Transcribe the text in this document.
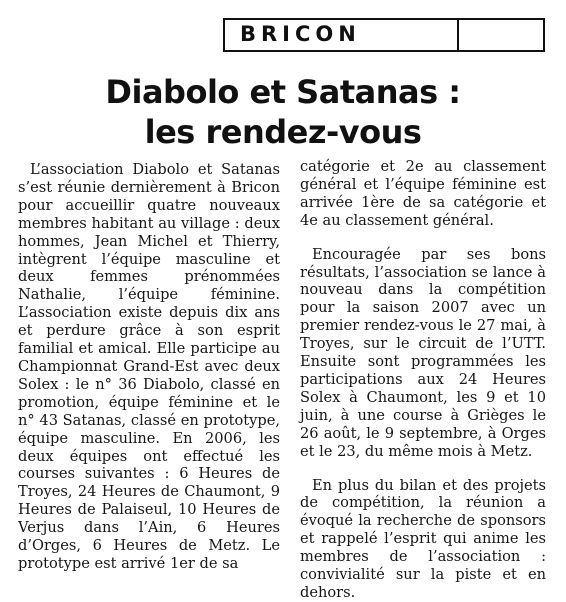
BRICON
Diabolo et Satanas :
les rendez-vous

L’association Diabolo et Satanas s’est réunie dernièrement à Bricon pour accueillir quatre nouveaux membres habitant au village : deux hommes, Jean Michel et Thierry, intègrent l’équipe masculine et deux femmes prénommées Nathalie, l’équipe féminine. L’association existe depuis dix ans et perdure grâce à son esprit familial et amical. Elle participe au Championnat Grand-Est avec deux Solex : le n° 36 Diabolo, classé en promotion, équipe féminine et le n° 43 Satanas, classé en prototype, équipe masculine. En 2006, les deux équipes ont effectué les courses suivantes : 6 Heures de Troyes, 24 Heures de Chaumont, 9 Heures de Palaiseul, 10 Heures de Verjus dans l’Ain, 6 Heures d’Orges, 6 Heures de Metz. Le prototype est arrivé 1er de sa

catégorie et 2e au classement général et l’équipe féminine est arrivée 1ère de sa catégorie et 4e au classement général.

Encouragée par ses bons résultats, l’association se lance à nouveau dans la compétition pour la saison 2007 avec un premier rendez-vous le 27 mai, à Troyes, sur le circuit de l’UTT. Ensuite sont programmées les participations aux 24 Heures Solex à Chaumont, les 9 et 10 juin, à une course à Grièges le 26 août, le 9 septembre, à Orges et le 23, du même mois à Metz.

En plus du bilan et des projets de compétition, la réunion a évoqué la recherche de sponsors et rappelé l’esprit qui anime les membres de l’association : convivialité sur la piste et en dehors.
